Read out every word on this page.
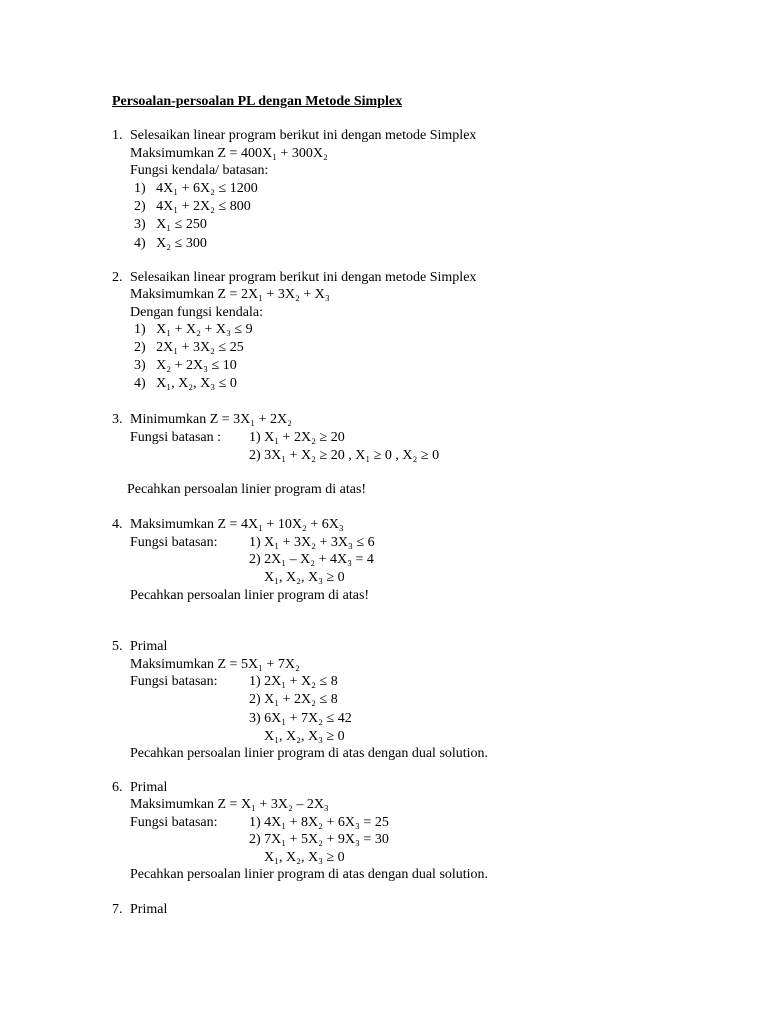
Persoalan-persoalan PL dengan Metode Simplex
1. Selesaikan linear program berikut ini dengan metode Simplex
Maksimumkan Z = 400X₁ + 300X₂
Fungsi kendala/ batasan:
1)   4X₁ + 6X₂ ≤ 1200
2)   4X₁ + 2X₂ ≤ 800
3)   X₁ ≤ 250
4)   X₂ ≤ 300
2. Selesaikan linear program berikut ini dengan metode Simplex
Maksimumkan Z = 2X₁ + 3X₂ + X₃
Dengan fungsi kendala:
1)   X₁ + X₂ + X₃ ≤ 9
2)   2X₁ + 3X₂ ≤ 25
3)   X₂ + 2X₃ ≤ 10
4)   X₁, X₂, X₃ ≤ 0
3. Minimumkan Z = 3X₁ + 2X₂
Fungsi batasan : 1) X₁ + 2X₂ ≥ 20
2) 3X₁ + X₂ ≥ 20 , X₁ ≥ 0 , X₂ ≥ 0
Pecahkan persoalan linier program di atas!
4. Maksimumkan Z = 4X₁ + 10X₂ + 6X₃
Fungsi batasan: 1) X₁ + 3X₂ + 3X₃ ≤ 6
2) 2X₁ – X₂ + 4X₃ = 4
X₁, X₂, X₃ ≥ 0
Pecahkan persoalan linier program di atas!
5. Primal
Maksimumkan Z = 5X₁ + 7X₂
Fungsi batasan: 1) 2X₁ + X₂ ≤ 8
2) X₁ + 2X₂ ≤ 8
3) 6X₁ + 7X₂ ≤ 42
X₁, X₂, X₃ ≥ 0
Pecahkan persoalan linier program di atas dengan dual solution.
6. Primal
Maksimumkan Z = X₁ + 3X₂ – 2X₃
Fungsi batasan: 1) 4X₁ + 8X₂ + 6X₃ = 25
2) 7X₁ + 5X₂ + 9X₃ = 30
X₁, X₂, X₃ ≥ 0
Pecahkan persoalan linier program di atas dengan dual solution.
7. Primal
